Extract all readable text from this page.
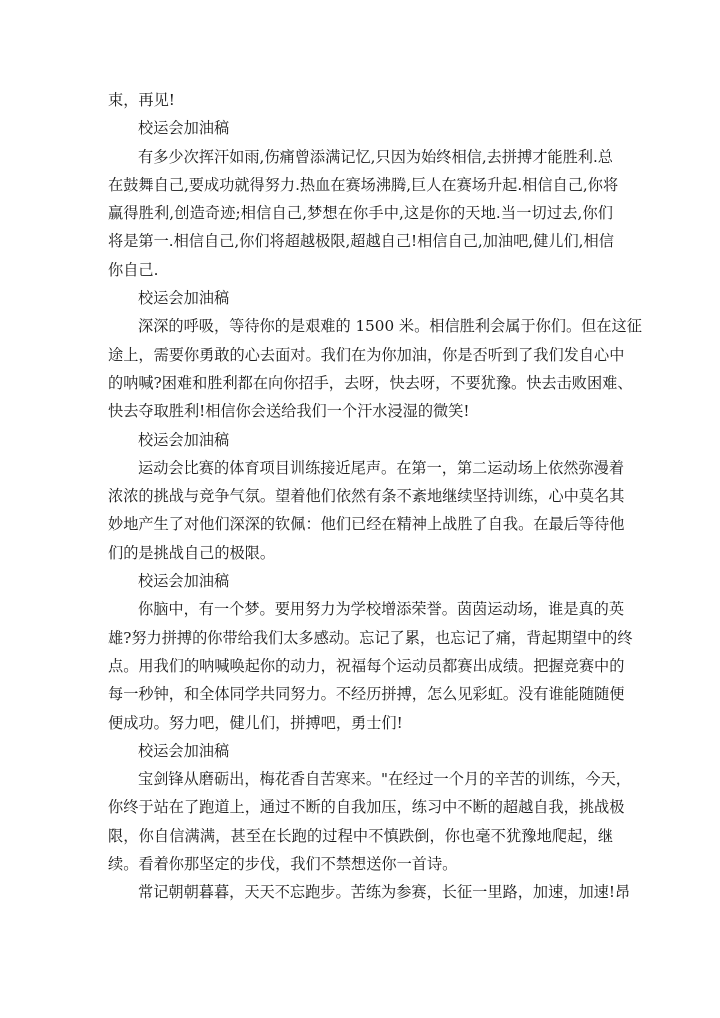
束，再见!
校运会加油稿
有多少次挥汗如雨,伤痛曾添满记忆,只因为始终相信,去拼搏才能胜利.总
在鼓舞自己,要成功就得努力.热血在赛场沸腾,巨人在赛场升起.相信自己,你将
赢得胜利,创造奇迹;相信自己,梦想在你手中,这是你的天地.当一切过去,你们
将是第一.相信自己,你们将超越极限,超越自己!相信自己,加油吧,健儿们,相信
你自己.
校运会加油稿
深深的呼吸，等待你的是艰难的 1500 米。相信胜利会属于你们。但在这征
途上，需要你勇敢的心去面对。我们在为你加油，你是否听到了我们发自心中
的呐喊?困难和胜利都在向你招手，去呀，快去呀，不要犹豫。快去击败困难、
快去夺取胜利!相信你会送给我们一个汗水浸湿的微笑!
校运会加油稿
运动会比赛的体育项目训练接近尾声。在第一，第二运动场上依然弥漫着
浓浓的挑战与竞争气氛。望着他们依然有条不紊地继续坚持训练，心中莫名其
妙地产生了对他们深深的钦佩：他们已经在精神上战胜了自我。在最后等待他
们的是挑战自己的极限。
校运会加油稿
你脑中，有一个梦。要用努力为学校增添荣誉。茵茵运动场，谁是真的英
雄?努力拼搏的你带给我们太多感动。忘记了累，也忘记了痛，背起期望中的终
点。用我们的呐喊唤起你的动力，祝福每个运动员都赛出成绩。把握竞赛中的
每一秒钟，和全体同学共同努力。不经历拼搏，怎么见彩虹。没有谁能随随便
便成功。努力吧，健儿们，拼搏吧，勇士们!
校运会加油稿
宝剑锋从磨砺出，梅花香自苦寒来。"在经过一个月的辛苦的训练，今天，
你终于站在了跑道上，通过不断的自我加压，练习中不断的超越自我，挑战极
限，你自信满满，甚至在长跑的过程中不慎跌倒，你也毫不犹豫地爬起，继
续。看着你那坚定的步伐，我们不禁想送你一首诗。
常记朝朝暮暮，天天不忘跑步。苦练为参赛，长征一里路，加速，加速!昂
